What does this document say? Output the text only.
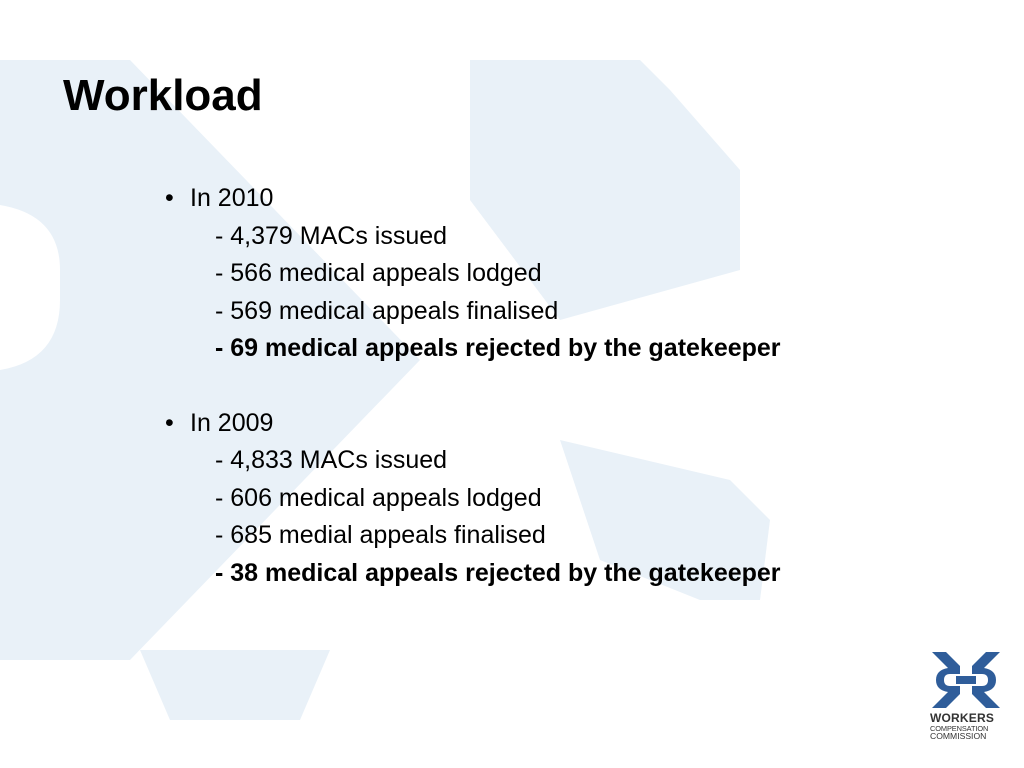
Workload
• In 2010
- 4,379 MACs issued
- 566 medical appeals lodged
- 569 medical appeals finalised
- 69 medical appeals rejected by the gatekeeper
• In 2009
- 4,833 MACs issued
- 606 medical appeals lodged
- 685 medial appeals finalised
- 38 medical appeals rejected by the gatekeeper
WORKERS
COMPENSATION
COMMISSION
